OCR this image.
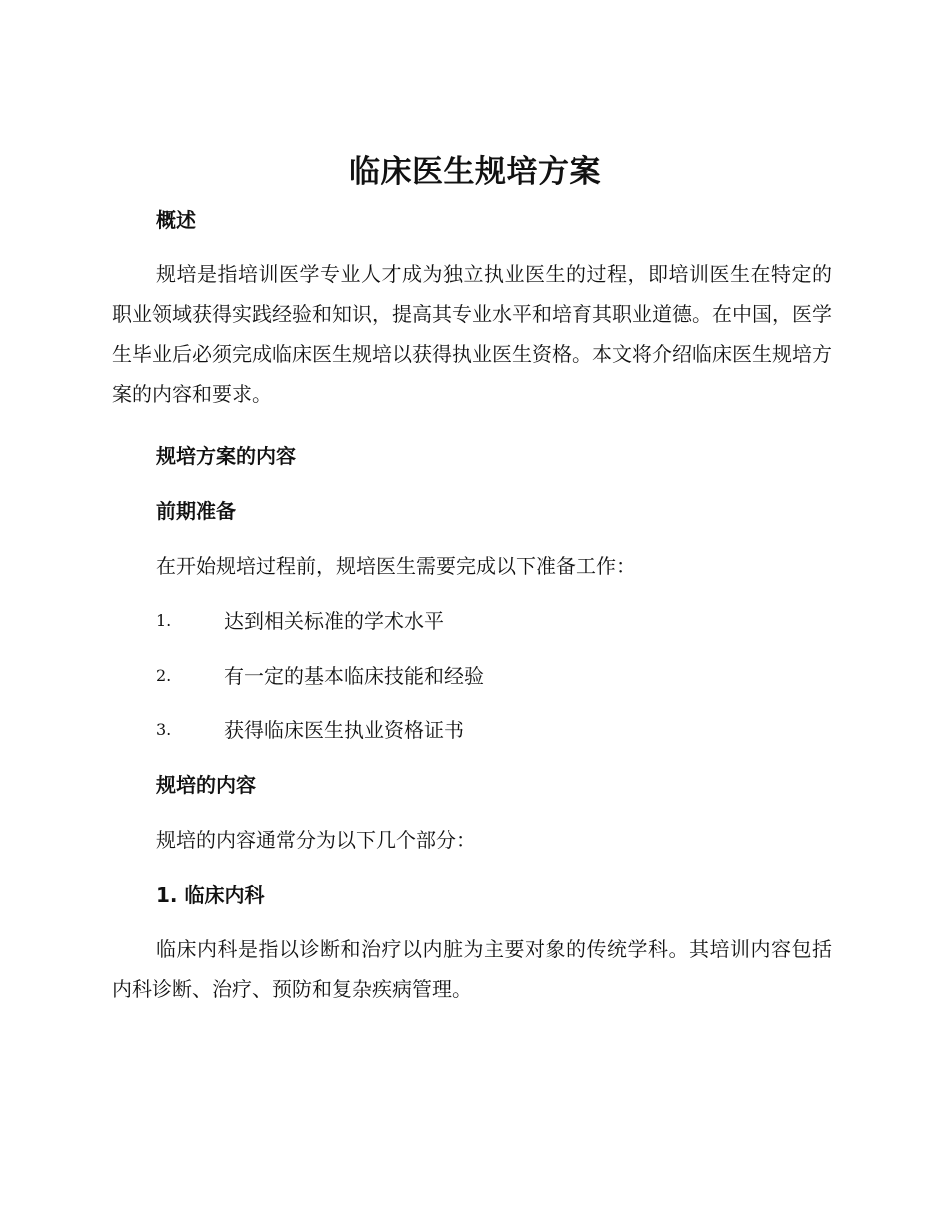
临床医生规培方案
概述

规培是指培训医学专业人才成为独立执业医生的过程，即培训医生在特定的职业领域获得实践经验和知识，提高其专业水平和培育其职业道德。在中国，医学生毕业后必须完成临床医生规培以获得执业医生资格。本文将介绍临床医生规培方案的内容和要求。

规培方案的内容
前期准备

在开始规培过程前，规培医生需要完成以下准备工作：

1.	达到相关标准的学术水平
2.	有一定的基本临床技能和经验
3.	获得临床医生执业资格证书
规培的内容

规培的内容通常分为以下几个部分：

1. 临床内科

临床内科是指以诊断和治疗以内脏为主要对象的传统学科。其培训内容包括内科诊断、治疗、预防和复杂疾病管理。
